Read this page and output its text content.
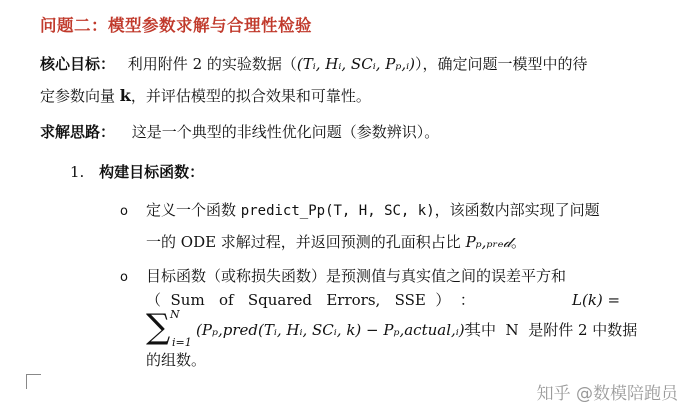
问题二：模型参数求解与合理性检验
核心目标： 利用附件 2 的实验数据（(Tᵢ, Hᵢ, SCᵢ, Pₚ,ᵢ)），确定问题一模型中的待
定参数向量 k，并评估模型的拟合效果和可靠性。
求解思路： 这是一个典型的非线性优化问题（参数辨识）。
1. 构建目标函数：
o 定义一个函数 predict_Pp(T, H, SC, k)，该函数内部实现了问题
一的 ODE 求解过程，并返回预测的孔面积占比 Pₚ,ₚᵣₑ𝒹。
o 目标函数（或称损失函数）是预测值与真实值之间的误差平方和
（  Sum   of   Squared   Errors,   SSE  ）  ：	L(k) =
∑ N
i=1
(Pₚ,pred(Tᵢ, Hᵢ, SCᵢ, k) − Pₚ,actual,ᵢ)²
其中  N  是附件 2 中数据
的组数。
知乎 @数模陪跑员
